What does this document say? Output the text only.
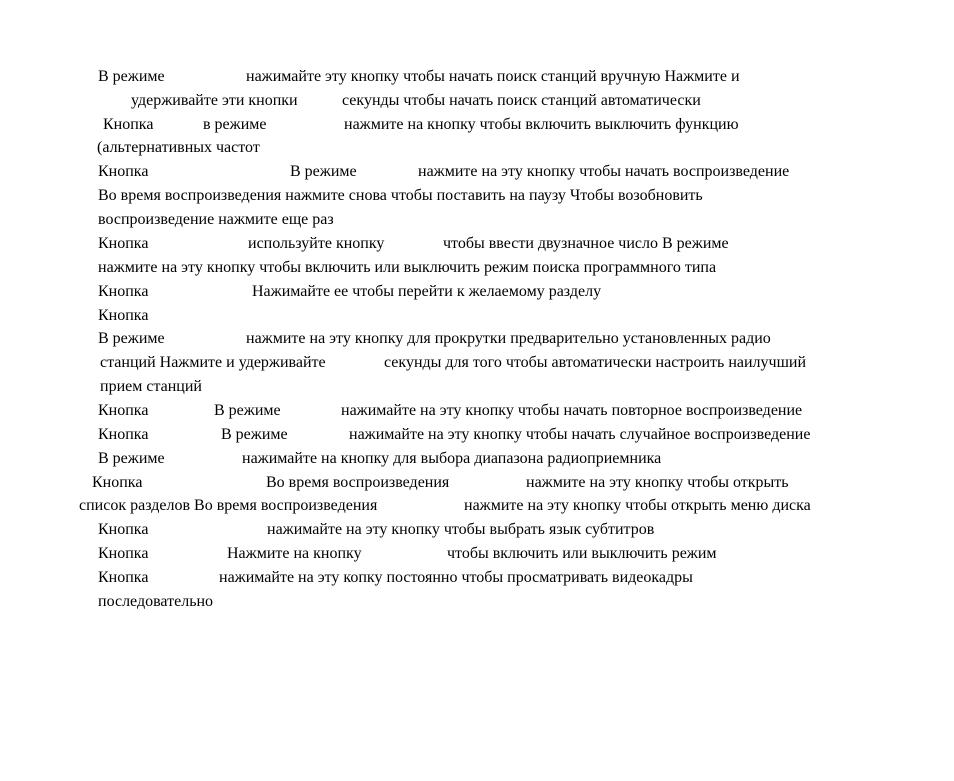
В режиме	нажимайте эту кнопку чтобы начать поиск станций вручную Нажмите и
удерживайте эти кнопки	секунды чтобы начать поиск станций автоматически
Кнопка	в режиме	нажмите на кнопку чтобы включить выключить функцию
(альтернативных частот
Кнопка	В режиме	нажмите на эту кнопку чтобы начать воспроизведение
Во время воспроизведения нажмите снова чтобы поставить на паузу Чтобы возобновить
воспроизведение нажмите еще раз
Кнопка	используйте кнопку	чтобы ввести двузначное число В режиме
нажмите на эту кнопку чтобы включить или выключить режим поиска программного типа
Кнопка	Нажимайте ее чтобы перейти к желаемому разделу
Кнопка
В режиме	нажмите на эту кнопку для прокрутки предварительно установленных радио
станций Нажмите и удерживайте	секунды для того чтобы автоматически настроить наилучший
прием станций
Кнопка	В режиме	нажимайте на эту кнопку чтобы начать повторное воспроизведение
Кнопка	В режиме	нажимайте на эту кнопку чтобы начать случайное воспроизведение
В режиме	нажимайте на кнопку для выбора диапазона радиоприемника
Кнопка	Во время воспроизведения	нажмите на эту кнопку чтобы открыть
список разделов Во время воспроизведения	нажмите на эту кнопку чтобы открыть меню диска
Кнопка	нажимайте на эту кнопку чтобы выбрать язык субтитров
Кнопка	Нажмите на кнопку	чтобы включить или выключить режим
Кнопка	нажимайте на эту копку постоянно чтобы просматривать видеокадры
последовательно
